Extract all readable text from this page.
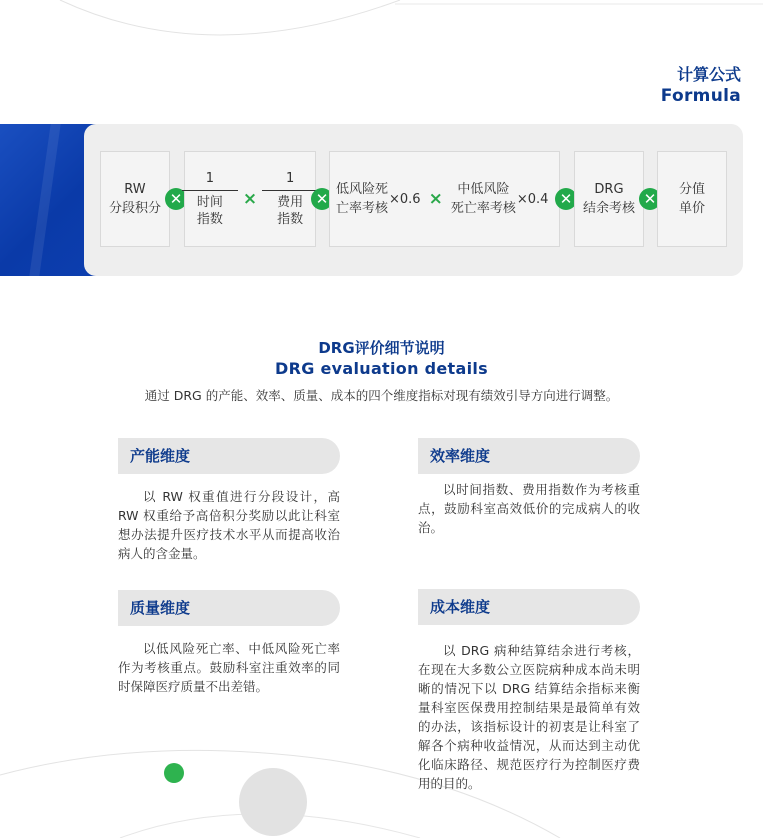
计算公式
Formula
RW
分段积分
✕
1
时间
指数
×
1
费用
指数
✕
低风险死
亡率考核
×0.6 × 中低风险
死亡率考核
×0.4 ✕
DRG
结余考核
✕
分值
单价
DRG评价细节说明
DRG evaluation details
通过 DRG 的产能、效率、质量、成本的四个维度指标对现有绩效引导方向进行调整。
产能维度
以 RW 权重值进行分段设计，高 RW 权重给予高倍积分奖励以此让科室想办法提升医疗技术水平从而提高收治病人的含金量。
效率维度
以时间指数、费用指数作为考核重点，鼓励科室高效低价的完成病人的收治。
质量维度
以低风险死亡率、中低风险死亡率作为考核重点。鼓励科室注重效率的同时保障医疗质量不出差错。
成本维度
以 DRG 病种结算结余进行考核，在现在大多数公立医院病种成本尚未明晰的情况下以 DRG 结算结余指标来衡量科室医保费用控制结果是最简单有效的办法，该指标设计的初衷是让科室了解各个病种收益情况，从而达到主动优化临床路径、规范医疗行为控制医疗费用的目的。
